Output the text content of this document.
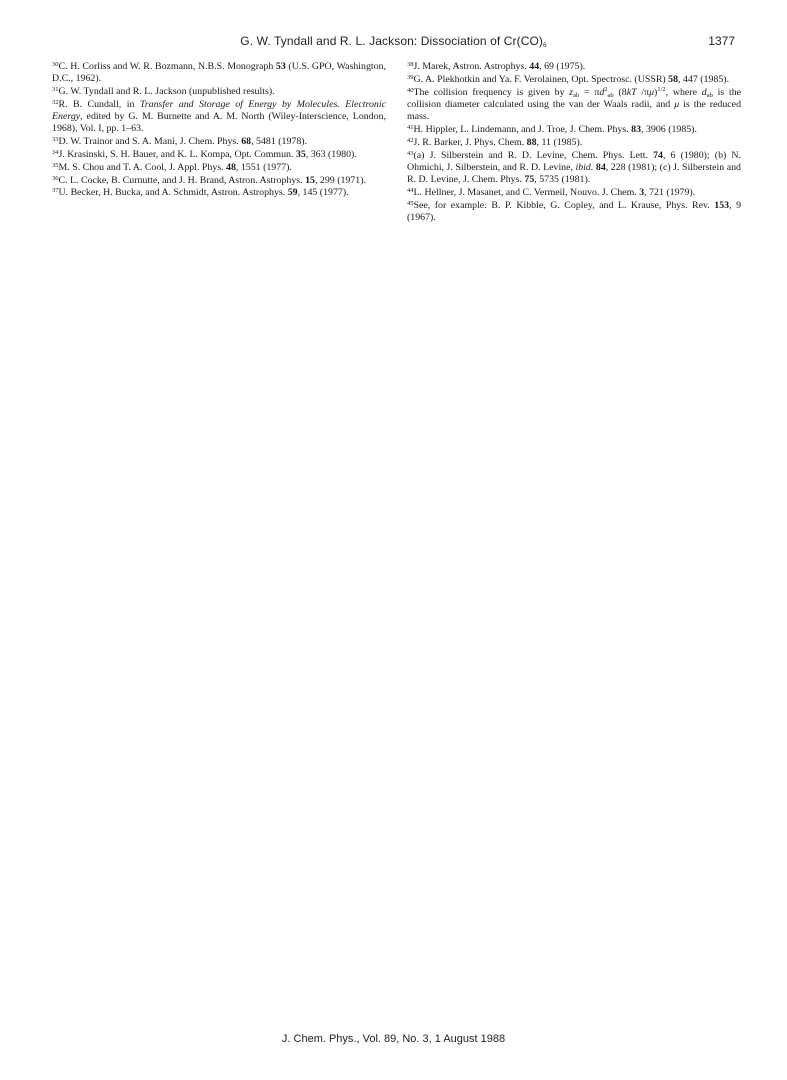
G. W. Tyndall and R. L. Jackson: Dissociation of $Cr(CO)_6$	1377

$^{30}$C. H. Corliss and W. R. Bozmann, N.B.S. Monograph 53 (U.S. GPO, Washington, D.C., 1962).

$^{31}$G. W. Tyndall and R. L. Jackson (unpublished results).

$^{32}$R. B. Cundall, in Transfer and Storage of Energy by Molecules. Electronic Energy, edited by G. M. Burnette and A. M. North (Wiley-Interscience, London, 1968), Vol. I, pp. 1–63.

$^{33}$D. W. Trainor and S. A. Mani, J. Chem. Phys. 68, 5481 (1978).

$^{34}$J. Krasinski, S. H. Bauer, and K. L. Kompa, Opt. Commun. 35, 363 (1980).

$^{35}$M. S. Chou and T. A. Cool, J. Appl. Phys. 48, 1551 (1977).

$^{36}$C. L. Cocke, B. Curnutte, and J. H. Brand, Astron. Astrophys. 15, 299 (1971).

$^{37}$U. Becker, H. Bucka, and A. Schmidt, Astron. Astrophys. 59, 145 (1977).

$^{38}$J. Marek, Astron. Astrophys. 44, 69 (1975).

$^{39}$G. A. Plekhotkin and Ya. F. Verolainen, Opt. Spectrosc. (USSR) 58, 447 (1985).

$^{40}$The collision frequency is given by $z_{ab} = \pi d^2_{ab}$ (8kT /πμ)$^{1/2}$, where $d_{ab}$ is the collision diameter calculated using the van der Waals radii, and μ is the reduced mass.

$^{41}$H. Hippler, L. Lindemann, and J. Troe, J. Chem. Phys. 83, 3906 (1985).

$^{42}$J. R. Barker, J. Phys. Chem. 88, 11 (1985).

$^{43}$(a) J. Silberstein and R. D. Levine, Chem. Phys. Lett. 74, 6 (1980); (b) N. Ohmichi, J. Silberstein, and R. D. Levine, ibid. 84, 228 (1981); (c) J. Silberstein and R. D. Levine, J. Chem. Phys. 75, 5735 (1981).

$^{44}$L. Hellner, J. Masanet, and C. Vermeil, Nouvo. J. Chem. 3, 721 (1979).

$^{45}$See, for example: B. P. Kibble, G. Copley, and L. Krause, Phys. Rev. 153, 9 (1967).

J. Chem. Phys., Vol. 89, No. 3, 1 August 1988
